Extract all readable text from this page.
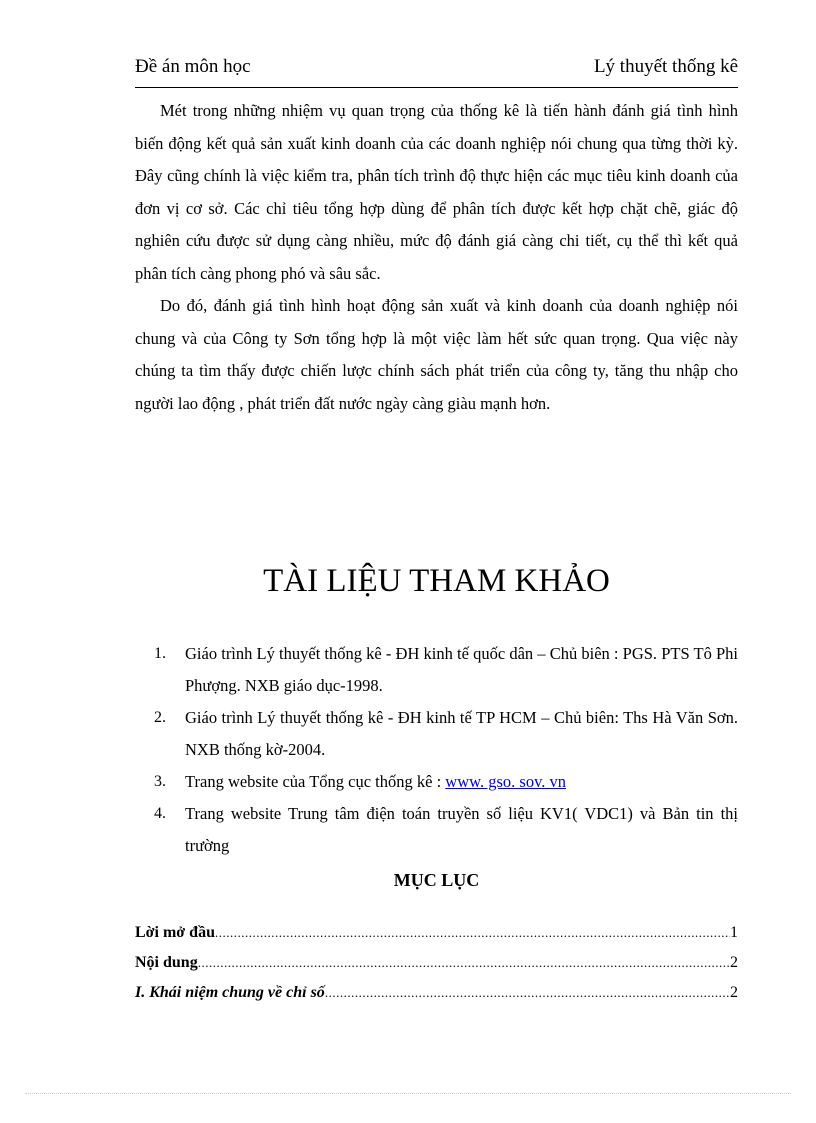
Đề án môn học	Lý thuyết thống kê

Mét trong những nhiệm vụ quan trọng của thống kê là tiến hành đánh giá tình hình biến động kết quả sản xuất kinh doanh của các doanh nghiệp nói chung qua từng thời kỳ. Đây cũng chính là việc kiểm tra, phân tích trình độ thực hiện các mục tiêu kinh doanh của đơn vị cơ sở. Các chỉ tiêu tổng hợp dùng để phân tích được kết hợp chặt chẽ, giác độ nghiên cứu được sử dụng càng nhiều, mức độ đánh giá càng chi tiết, cụ thể thì kết quả phân tích càng phong phó và sâu sắc.

Do đó, đánh giá tình hình hoạt động sản xuất và kinh doanh của doanh nghiệp nói chung và của Công ty Sơn tổng hợp là một việc làm hết sức quan trọng. Qua việc này chúng ta tìm thấy được chiến lược chính sách phát triển của công ty, tăng thu nhập cho người lao động , phát triển đất nước ngày càng giàu mạnh hơn.

TÀI LIỆU THAM KHẢO
1.	Giáo trình Lý thuyết thống kê - ĐH kinh tế quốc dân – Chủ biên : PGS. PTS Tô Phi Phượng. NXB giáo dục-1998.
2.	Giáo trình Lý thuyết thống kê - ĐH kinh tế TP HCM – Chủ biên: Ths Hà Văn Sơn. NXB thống kờ-2004.
3.	Trang website của Tổng cục thống kê : www. gso. sov. vn
4.	Trang website Trung tâm điện toán truyền số liệu KV1( VDC1) và Bản tin thị trường
MỤC LỤC
Lời mở đầu .....	1
Nội dung .....	2
I. Khái niệm chung về chỉ số .....	2
